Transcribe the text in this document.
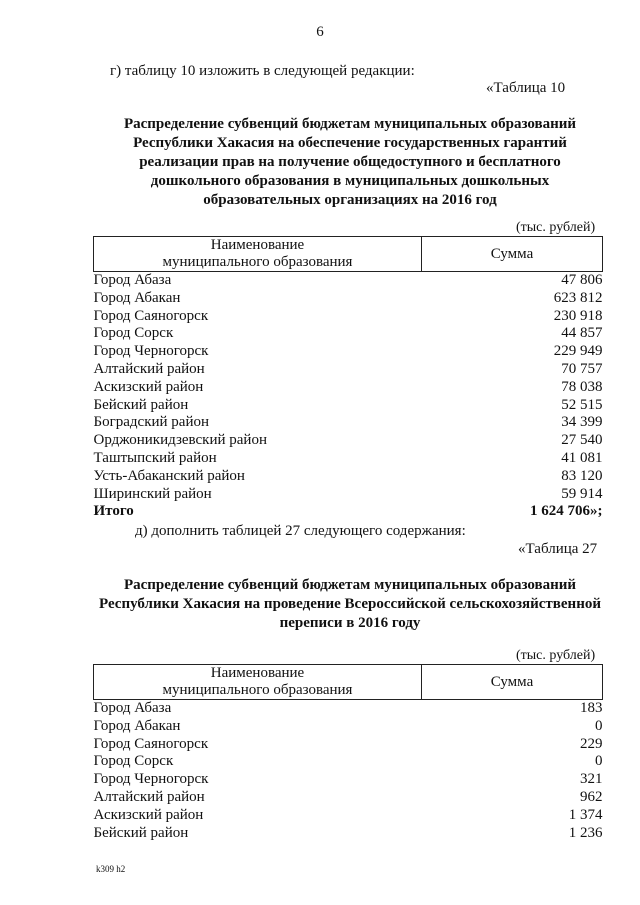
6
г) таблицу 10 изложить в следующей редакции:
«Таблица 10
Распределение субвенций бюджетам муниципальных образований
Республики Хакасия на обеспечение государственных гарантий
реализации прав на получение общедоступного и бесплатного
дошкольного образования в муниципальных дошкольных
образовательных организациях на 2016 год
(тыс. рублей)
Наименование
муниципального образования	Сумма
Город Абаза	47 806
Город Абакан	623 812
Город Саяногорск	230 918
Город Сорск	44 857
Город Черногорск	229 949
Алтайский район	70 757
Аскизский район	78 038
Бейский район	52 515
Боградский район	34 399
Орджоникидзевский район	27 540
Таштыпский район	41 081
Усть-Абаканский район	83 120
Ширинский район	59 914
Итого	1 624 706»;
д) дополнить таблицей 27 следующего содержания:
«Таблица 27
Распределение субвенций бюджетам муниципальных образований
Республики Хакасия на проведение Всероссийской сельскохозяйственной
переписи в 2016 году
(тыс. рублей)
Наименование
муниципального образования	Сумма
Город Абаза	183
Город Абакан	0
Город Саяногорск	229
Город Сорск	0
Город Черногорск	321
Алтайский район	962
Аскизский район	1 374
Бейский район	1 236
k309 h2
